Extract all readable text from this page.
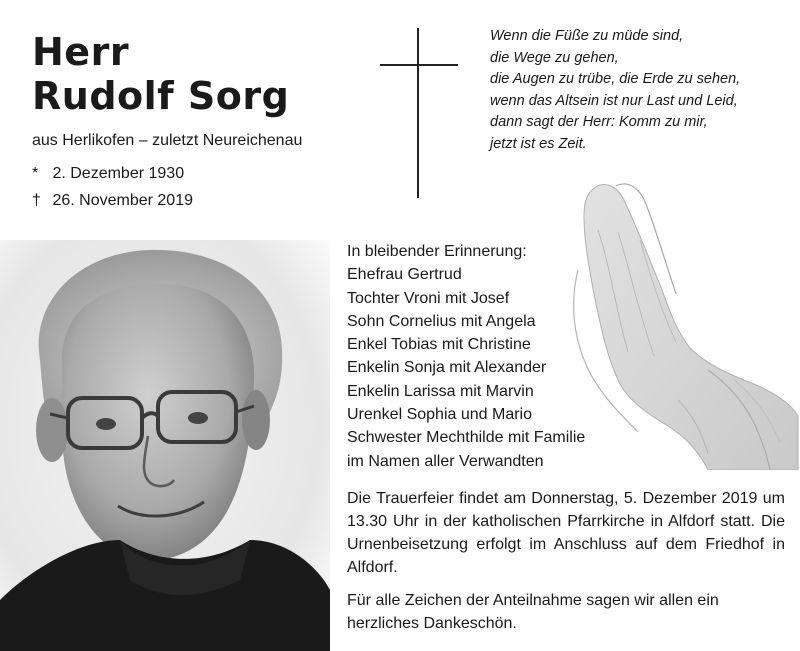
Herr
Rudolf Sorg
aus Herlikofen – zuletzt Neureichenau
* 2. Dezember 1930
† 26. November 2019
Wenn die Füße zu müde sind,
die Wege zu gehen,
die Augen zu trübe, die Erde zu sehen,
wenn das Altsein ist nur Last und Leid,
dann sagt der Herr: Komm zu mir,
jetzt ist es Zeit.
In bleibender Erinnerung:
Ehefrau Gertrud
Tochter Vroni mit Josef
Sohn Cornelius mit Angela
Enkel Tobias mit Christine
Enkelin Sonja mit Alexander
Enkelin Larissa mit Marvin
Urenkel Sophia und Mario
Schwester Mechthilde mit Familie
im Namen aller Verwandten

Die Trauerfeier findet am Donnerstag, 5. Dezember 2019 um 13.30 Uhr in der katholischen Pfarrkirche in Alfdorf statt. Die Urnenbeisetzung erfolgt im Anschluss auf dem Friedhof in Alfdorf.

Für alle Zeichen der Anteilnahme sagen wir allen ein herzliches Dankeschön.
